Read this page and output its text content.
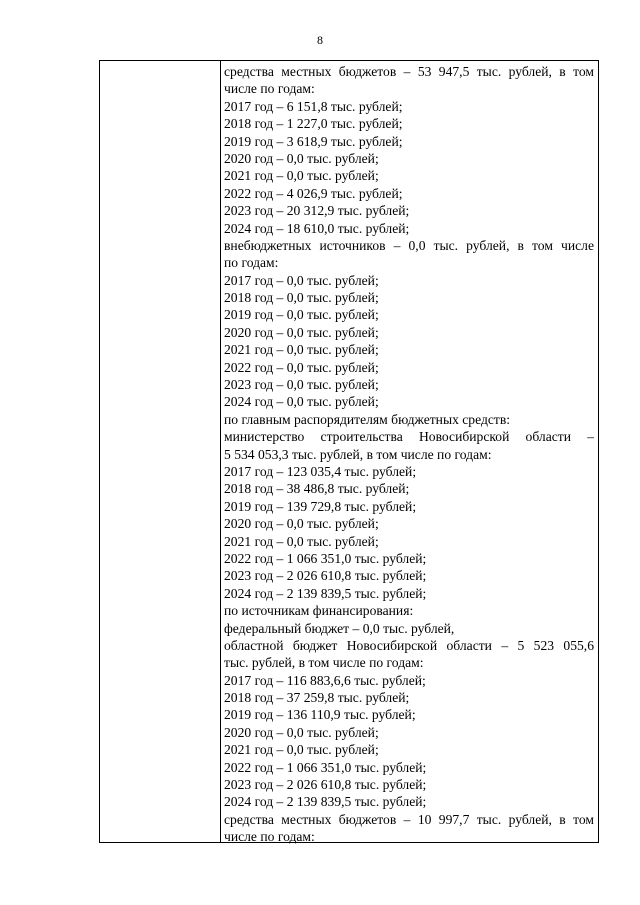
8
средства местных бюджетов – 53 947,5 тыс. рублей, в том
числе по годам:
2017 год – 6 151,8 тыс. рублей;
2018 год – 1 227,0 тыс. рублей;
2019 год – 3 618,9 тыс. рублей;
2020 год – 0,0 тыс. рублей;
2021 год – 0,0 тыс. рублей;
2022 год – 4 026,9 тыс. рублей;
2023 год – 20 312,9 тыс. рублей;
2024 год – 18 610,0 тыс. рублей;
внебюджетных источников – 0,0 тыс. рублей, в том числе
по годам:
2017 год – 0,0 тыс. рублей;
2018 год – 0,0 тыс. рублей;
2019 год – 0,0 тыс. рублей;
2020 год – 0,0 тыс. рублей;
2021 год – 0,0 тыс. рублей;
2022 год – 0,0 тыс. рублей;
2023 год – 0,0 тыс. рублей;
2024 год – 0,0 тыс. рублей;
по главным распорядителям бюджетных средств:
министерство строительства Новосибирской области –
5 534 053,3 тыс. рублей, в том числе по годам:
2017 год – 123 035,4 тыс. рублей;
2018 год – 38 486,8 тыс. рублей;
2019 год – 139 729,8 тыс. рублей;
2020 год – 0,0 тыс. рублей;
2021 год – 0,0 тыс. рублей;
2022 год – 1 066 351,0 тыс. рублей;
2023 год – 2 026 610,8 тыс. рублей;
2024 год – 2 139 839,5 тыс. рублей;
по источникам финансирования:
федеральный бюджет – 0,0 тыс. рублей,
областной бюджет Новосибирской области – 5 523 055,6
тыс. рублей, в том числе по годам:
2017 год – 116 883,6,6 тыс. рублей;
2018 год – 37 259,8 тыс. рублей;
2019 год – 136 110,9 тыс. рублей;
2020 год – 0,0 тыс. рублей;
2021 год – 0,0 тыс. рублей;
2022 год – 1 066 351,0 тыс. рублей;
2023 год – 2 026 610,8 тыс. рублей;
2024 год – 2 139 839,5 тыс. рублей;
средства местных бюджетов – 10 997,7 тыс. рублей, в том
числе по годам:
